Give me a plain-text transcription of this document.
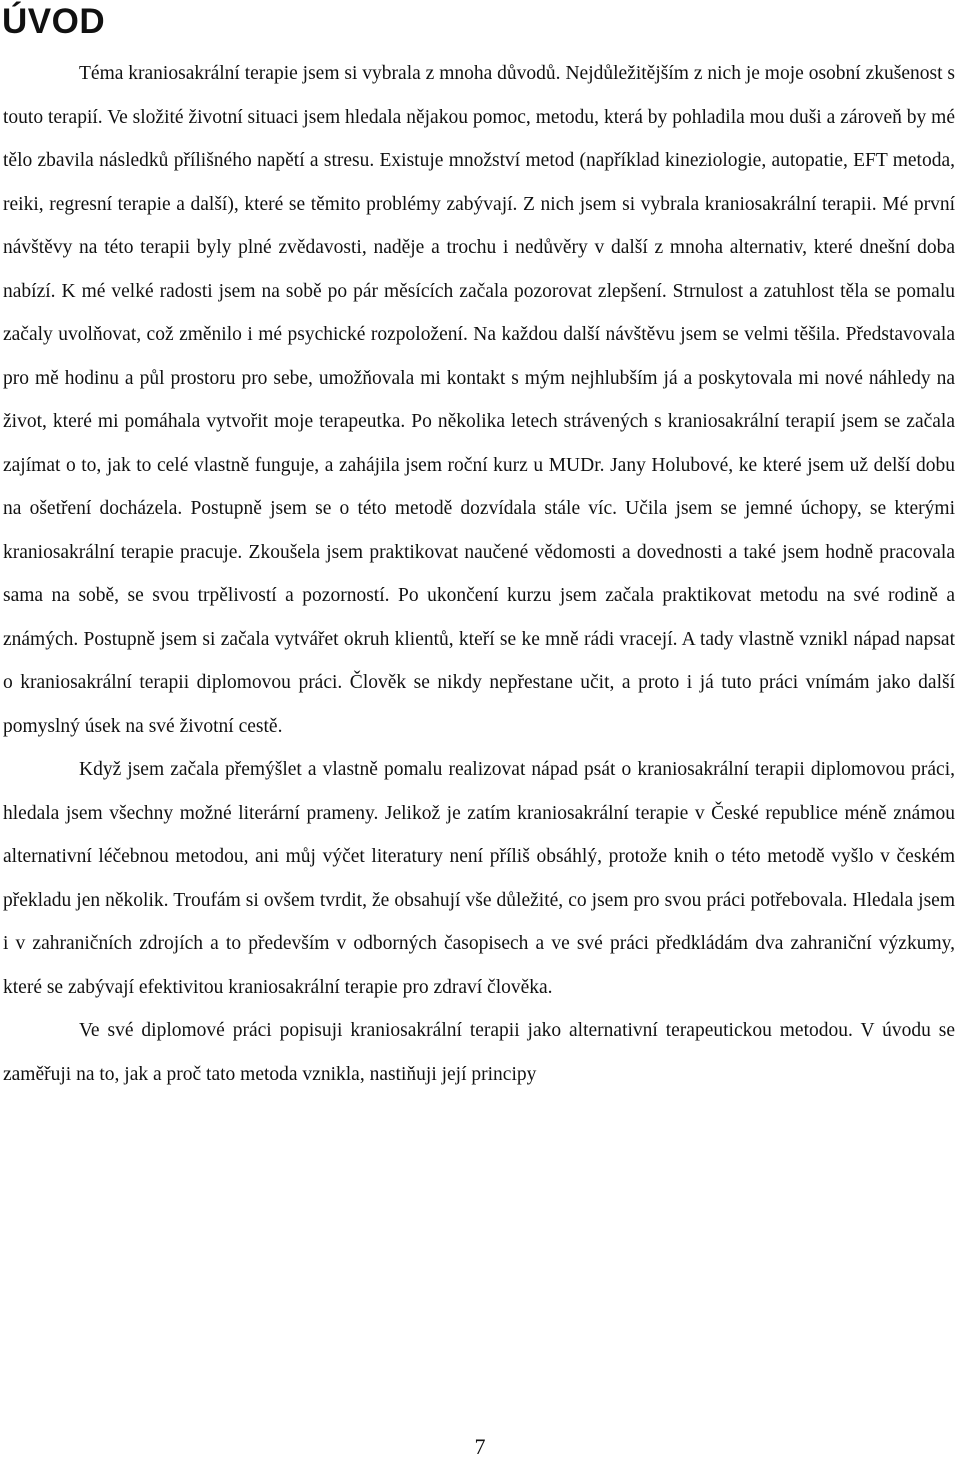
ÚVOD

Téma kraniosakrální terapie jsem si vybrala z mnoha důvodů. Nejdůležitějším z nich je moje osobní zkušenost s touto terapií. Ve složité životní situaci jsem hledala nějakou pomoc, metodu, která by pohladila mou duši a zároveň by mé tělo zbavila následků přílišného napětí a stresu. Existuje množství metod (například kineziologie, autopatie, EFT metoda, reiki, regresní terapie a další), které se těmito problémy zabývají. Z nich jsem si vybrala kraniosakrální terapii. Mé první návštěvy na této terapii byly plné zvědavosti, naděje a trochu i nedůvěry v další z mnoha alternativ, které dnešní doba nabízí. K mé velké radosti jsem na sobě po pár měsících začala pozorovat zlepšení. Strnulost a zatuhlost těla se pomalu začaly uvolňovat, což změnilo i mé psychické rozpoložení. Na každou další návštěvu jsem se velmi těšila. Představovala pro mě hodinu a půl prostoru pro sebe, umožňovala mi kontakt s mým nejhlubším já a poskytovala mi nové náhledy na život, které mi pomáhala vytvořit moje terapeutka. Po několika letech strávených s kraniosakrální terapií jsem se začala zajímat o to, jak to celé vlastně funguje, a zahájila jsem roční kurz u MUDr. Jany Holubové, ke které jsem už delší dobu na ošetření docházela. Postupně jsem se o této metodě dozvídala stále víc. Učila jsem se jemné úchopy, se kterými kraniosakrální terapie pracuje. Zkoušela jsem praktikovat naučené vědomosti a dovednosti a také jsem hodně pracovala sama na sobě, se svou trpělivostí a pozorností. Po ukončení kurzu jsem začala praktikovat metodu na své rodině a známých. Postupně jsem si začala vytvářet okruh klientů, kteří se ke mně rádi vracejí. A tady vlastně vznikl nápad napsat o kraniosakrální terapii diplomovou práci. Člověk se nikdy nepřestane učit, a proto i já tuto práci vnímám jako další pomyslný úsek na své životní cestě.

Když jsem začala přemýšlet a vlastně pomalu realizovat nápad psát o kraniosakrální terapii diplomovou práci, hledala jsem všechny možné literární prameny. Jelikož je zatím kraniosakrální terapie v České republice méně známou alternativní léčebnou metodou, ani můj výčet literatury není příliš obsáhlý, protože knih o této metodě vyšlo v českém překladu jen několik. Troufám si ovšem tvrdit, že obsahují vše důležité, co jsem pro svou práci potřebovala. Hledala jsem i v zahraničních zdrojích a to především v odborných časopisech a ve své práci předkládám dva zahraniční výzkumy, které se zabývají efektivitou kraniosakrální terapie pro zdraví člověka.

Ve své diplomové práci popisuji kraniosakrální terapii jako alternativní terapeutickou metodou. V úvodu se zaměřuji na to, jak a proč tato metoda vznikla, nastiňuji její principy

7
